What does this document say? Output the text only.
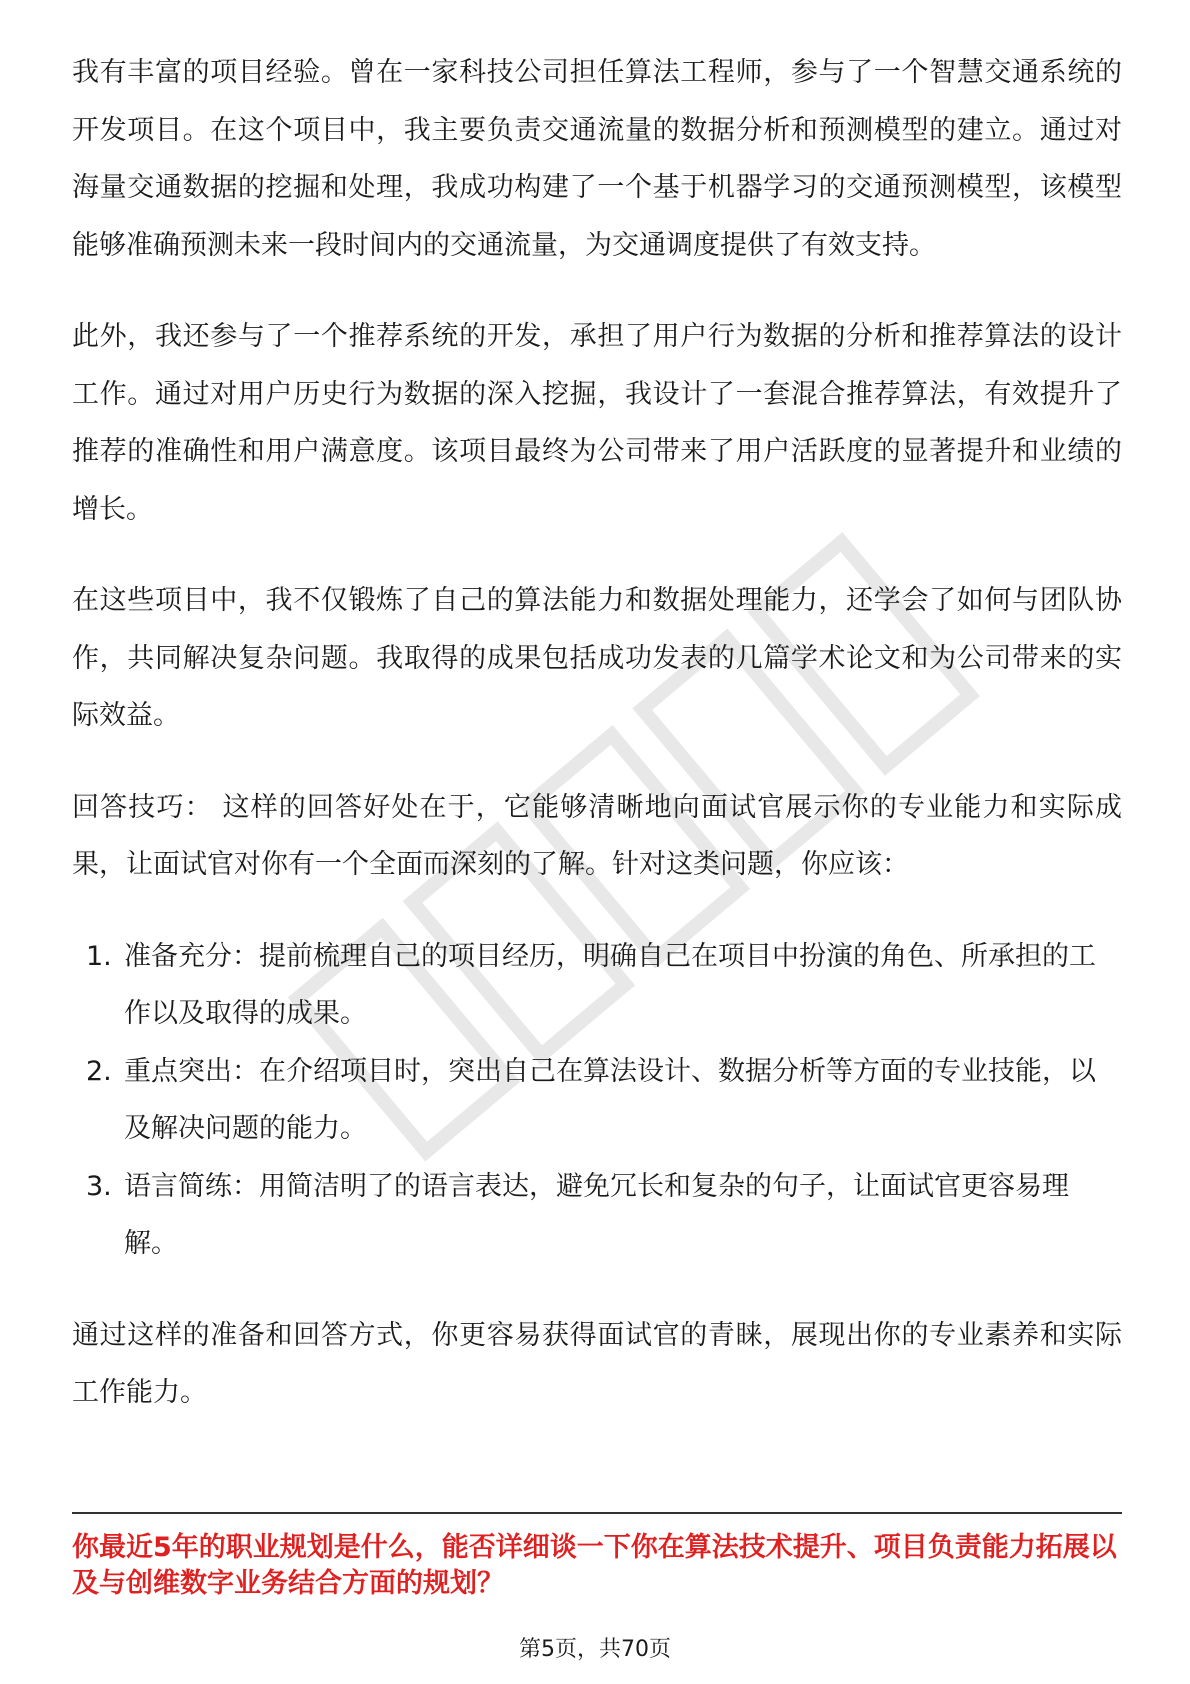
我有丰富的项目经验。曾在一家科技公司担任算法工程师，参与了一个智慧交通系统的开发项目。在这个项目中，我主要负责交通流量的数据分析和预测模型的建立。通过对海量交通数据的挖掘和处理，我成功构建了一个基于机器学习的交通预测模型，该模型能够准确预测未来一段时间内的交通流量，为交通调度提供了有效支持。

此外，我还参与了一个推荐系统的开发，承担了用户行为数据的分析和推荐算法的设计工作。通过对用户历史行为数据的深入挖掘，我设计了一套混合推荐算法，有效提升了推荐的准确性和用户满意度。该项目最终为公司带来了用户活跃度的显著提升和业绩的增长。

在这些项目中，我不仅锻炼了自己的算法能力和数据处理能力，还学会了如何与团队协作，共同解决复杂问题。我取得的成果包括成功发表的几篇学术论文和为公司带来的实际效益。

回答技巧： 这样的回答好处在于，它能够清晰地向面试官展示你的专业能力和实际成果，让面试官对你有一个全面而深刻的了解。针对这类问题，你应该：

1. 准备充分：提前梳理自己的项目经历，明确自己在项目中扮演的角色、所承担的工作以及取得的成果。
2. 重点突出：在介绍项目时，突出自己在算法设计、数据分析等方面的专业技能，以及解决问题的能力。
3. 语言简练：用简洁明了的语言表达，避免冗长和复杂的句子，让面试官更容易理解。

通过这样的准备和回答方式，你更容易获得面试官的青睐，展现出你的专业素养和实际工作能力。

你最近5年的职业规划是什么，能否详细谈一下你在算法技术提升、项目负责能力拓展以及与创维数字业务结合方面的规划？

第5页，共70页
